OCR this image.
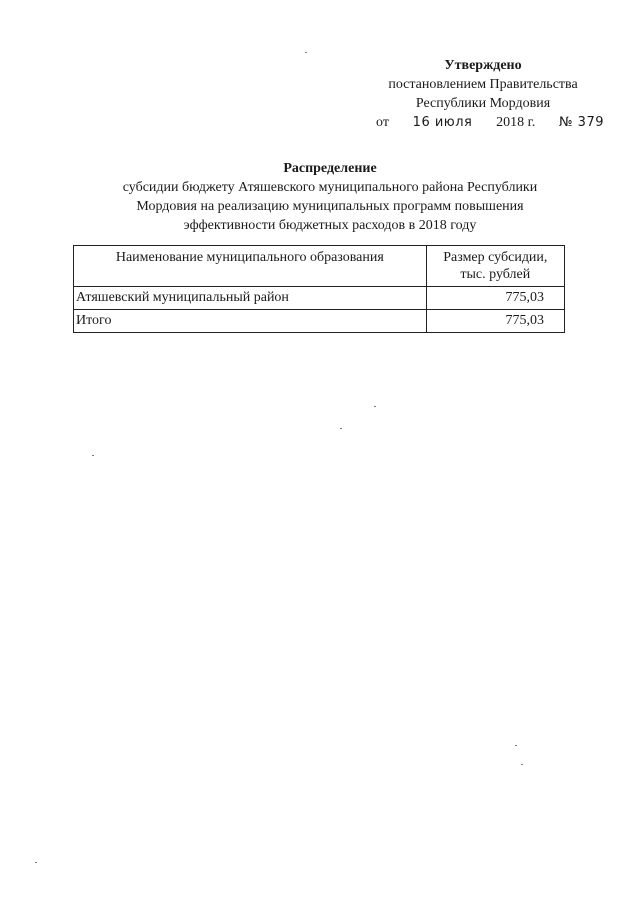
Утверждено
постановлением Правительства
Республики Мордовия
от 16 июля 2018 г. № 379
Распределение
субсидии бюджету Атяшевского муниципального района Республики
Мордовия на реализацию муниципальных программ повышения
эффективности бюджетных расходов в 2018 году
Наименование муниципального образования	Размер субсидии, тыс. рублей
Атяшевский муниципальный район	775,03
Итого	775,03
